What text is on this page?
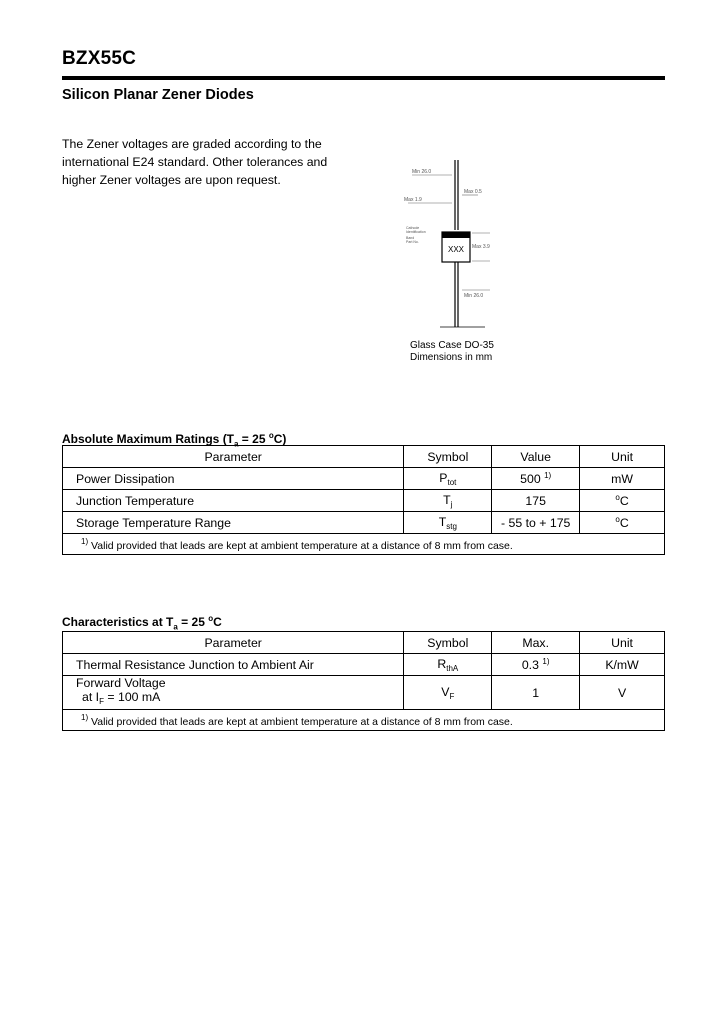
BZX55C
Silicon Planar Zener Diodes
The Zener voltages are graded according to the
international E24 standard. Other tolerances and
higher Zener voltages are upon request.
XXX
Min 26.0
Max 1.9
Max 0.5
Max 3.9
Min 26.0
Cathode
Identification
Band
Part No.
Glass Case DO-35
Dimensions in mm
Absolute Maximum Ratings ($T_a = 25$ $^o$C)
Parameter	Symbol	Value	Unit
Power Dissipation	$P_{tot}$	500 $^{1)}$	mW
Junction Temperature	$T_j$	175	$^o$C
Storage Temperature Range	$T_{stg}$	- 55 to + 175	$^o$C
$^{1)}$ Valid provided that leads are kept at ambient temperature at a distance of 8 mm from case.			
Characteristics at $T_a = 25$ $^o$C
Parameter	Symbol	Max.	Unit
Thermal Resistance Junction to Ambient Air	$R_{thA}$	0.3 $^{1)}$	K/mW

Forward Voltage
at $I_F = 100$ mA	$V_F$	1	V
$^{1)}$ Valid provided that leads are kept at ambient temperature at a distance of 8 mm from case.			
